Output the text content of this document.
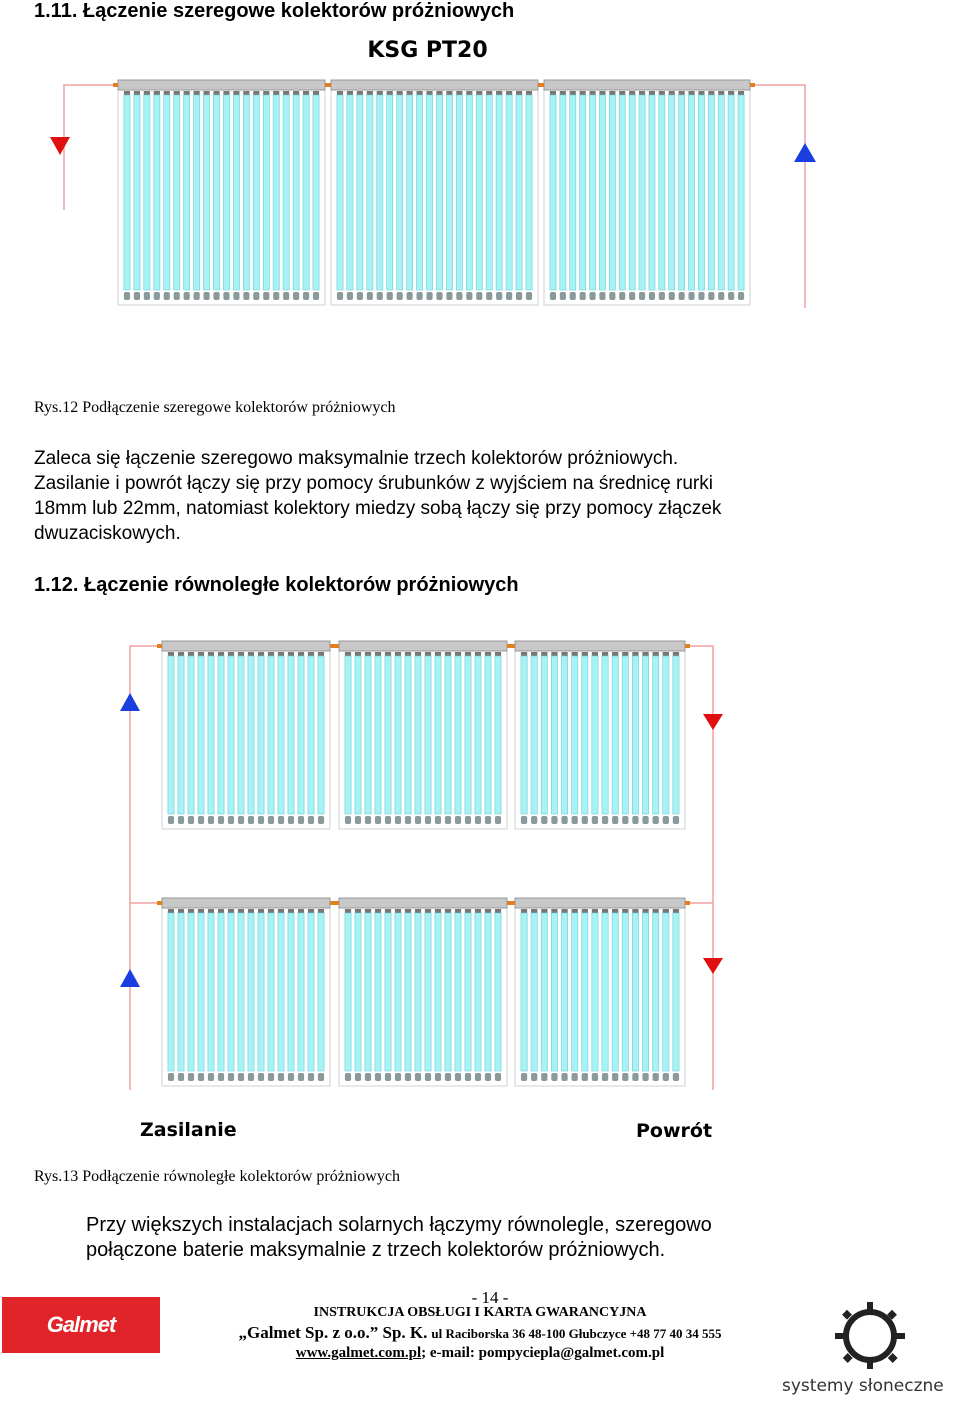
1.11. Łączenie szeregowe kolektorów próżniowych
KSG PT20
Rys.12 Podłączenie szeregowe kolektorów próżniowych
Zaleca się łączenie szeregowo maksymalnie trzech kolektorów próżniowych.
Zasilanie i powrót łączy się przy pomocy śrubunków z wyjściem na średnicę rurki
18mm lub 22mm, natomiast kolektory miedzy sobą łączy się przy pomocy złączek
dwuzaciskowych.
1.12. Łączenie równoległe kolektorów próżniowych
Zasilanie	Powrót
Rys.13 Podłączenie równoległe kolektorów próżniowych
Przy większych instalacjach solarnych łączymy równolegle, szeregowo
połączone baterie maksymalnie z trzech kolektorów próżniowych.
- 14 -
Galmet	INSTRUKCJA OBSŁUGI I KARTA GWARANCYJNA
„Galmet Sp. z o.o.” Sp. K. ul Raciborska 36 48-100 Głubczyce +48 77 40 34 555
www.galmet.com.pl; e-mail: pompyciepla@galmet.com.pl
systemy słoneczne
